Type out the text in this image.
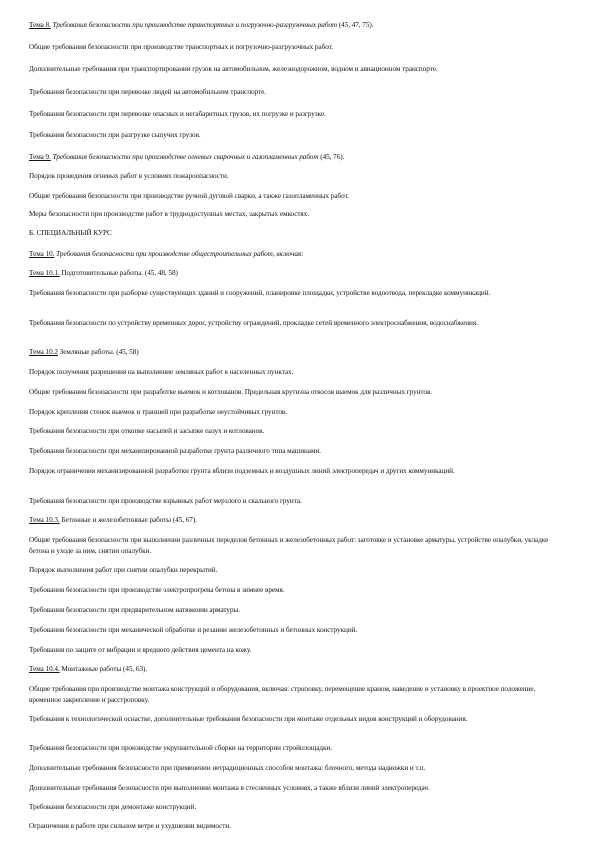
Тема 8. Требования безопасности при производстве транспортных и погрузочно-разгрузочных работ (45, 47, 75).
Общие требования безопасности при производстве транспортных и погрузочно-разгрузочных работ.
Дополнительные требования при транспортировании грузов на автомобильном, железнодорожном, водном и авиационном транспорте.
Требования безопасности при перевозке людей на автомобильном транспорте.
Требования безопасности при перевозке опасных и негабаритных грузов, их погрузке и разгрузке.
Требования безопасности при разгрузке сыпучих грузов.
Тема 9. Требования безопасности при производстве огневых сварочных и газопламенных работ (45, 76).
Порядок проведения огневых работ в условиях пожароопасности.
Общие требования безопасности при производстве ручной дуговой сварки, а также газопламенных работ.
Меры безопасности при производстве работ в труднодоступных местах, закрытых емкостях.
Б. СПЕЦИАЛЬНЫЙ КУРС
Тема 10. Требования безопасности при производстве общестроительных работ, включая:
Тема 10.1. Подготовительные работы. (45, 48, 58)
Требования безопасности при разборке существующих зданий и сооружений, планировке площадки, устройстве водоотвода, перекладке коммуникаций.
Требования безопасности по устройству временных дорог, устройству ограждений, прокладке сетей временного электроснабжения, водоснабжения.
Тема 10.2 Земляные работы. (45, 58)
Порядок получения разрешения на выполнение земляных работ в населенных пунктах.
Общие требования безопасности при разработке выемок и котлованов. Предельная крутизна откосов выемок для различных грунтов.
Порядок крепления стенок выемок и траншей при разработке неустойчивых грунтов.
Требования безопасности при откопке насыпей и засыпке пазух и котлованов.
Требования безопасности при механизированной разработке грунта различного типа машинами.
Порядок ограничения механизированной разработки грунта вблизи подземных и воздушных линий электропередач и других коммуникаций.
Требования безопасности при производстве взрывных работ мерзлого и скального грунта.
Тема 10.3. Бетонные и железобетонные работы (45, 67).
Общие требования безопасности при выполнении различных переделов бетонных и железобетонных работ: заготовке и установке арматуры, устройстве опалубки, укладке бетона и уходе за ним, снятии опалубки.
Порядок выполнения работ при снятии опалубки перекрытий.
Требования безопасности при производстве электропрогрева бетона в зимнее время.
Требования безопасности при предварительном натяжении арматуры.
Требования безопасности при механической обработке и резании железобетонных и бетонных конструкций.
Требования по защите от вибрации и вредного действия цемента на кожу.
Тема 10.4. Монтажные работы (45, 63).
Общие требования при производстве монтажа конструкций и оборудования, включая: строповку, перемещение краном, наведение и установку в проектное положение, временное закрепление и расстроповку.
Требования к технологической оснастке, дополнительные требования безопасности при монтаже отдельных видов конструкций и оборудования.
Требования безопасности при производстве укрупнительной сборки на территории стройплощадки.
Дополнительные требования безопасности при применении нетрадиционных способов монтажа: блочного, метода надвижки и т.п.
Дополнительные требования безопасности при выполнении монтажа в стесненных условиях, а также вблизи линий электропередач.
Требования безопасности при демонтаже конструкций.
Ограничения в работе при сильном ветре и ухудшении видимости.
